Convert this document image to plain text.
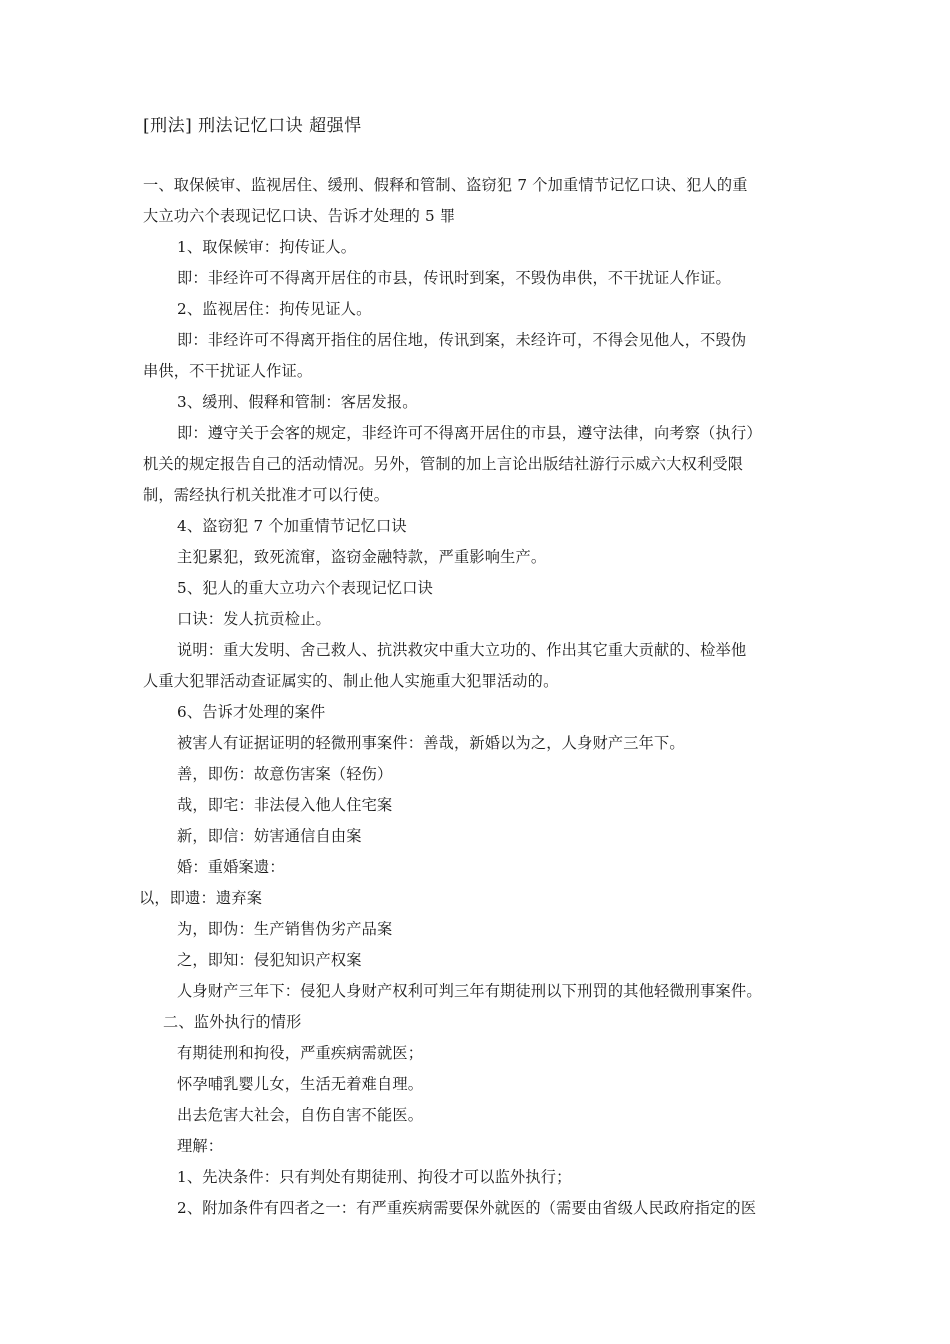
[刑法] 刑法记忆口诀 超强悍
一、取保候审、监视居住、缓刑、假释和管制、盗窃犯 7 个加重情节记忆口诀、犯人的重
大立功六个表现记忆口诀、告诉才处理的 5 罪
1、取保候审：拘传证人。
即：非经许可不得离开居住的市县，传讯时到案，不毁伪串供，不干扰证人作证。
2、监视居住：拘传见证人。
即：非经许可不得离开指住的居住地，传讯到案，未经许可，不得会见他人，不毁伪
串供，不干扰证人作证。
3、缓刑、假释和管制：客居发报。
即：遵守关于会客的规定，非经许可不得离开居住的市县，遵守法律，向考察（执行）
机关的规定报告自己的活动情况。另外，管制的加上言论出版结社游行示威六大权利受限
制，需经执行机关批准才可以行使。
4、盗窃犯 7 个加重情节记忆口诀
主犯累犯，致死流窜，盗窃金融特款，严重影响生产。
5、犯人的重大立功六个表现记忆口诀
口诀：发人抗贡检止。
说明：重大发明、舍己救人、抗洪救灾中重大立功的、作出其它重大贡献的、检举他
人重大犯罪活动查证属实的、制止他人实施重大犯罪活动的。
6、告诉才处理的案件
被害人有证据证明的轻微刑事案件：善哉，新婚以为之，人身财产三年下。
善，即伤：故意伤害案（轻伤）
哉，即宅：非法侵入他人住宅案
新，即信：妨害通信自由案
婚：重婚案遗：
以，即遗：遗弃案
为，即伪：生产销售伪劣产品案
之，即知：侵犯知识产权案
人身财产三年下：侵犯人身财产权利可判三年有期徒刑以下刑罚的其他轻微刑事案件。
二、监外执行的情形
有期徒刑和拘役，严重疾病需就医；
怀孕哺乳婴儿女，生活无着难自理。
出去危害大社会，自伤自害不能医。
理解：
1、先决条件：只有判处有期徒刑、拘役才可以监外执行；
2、附加条件有四者之一：有严重疾病需要保外就医的（需要由省级人民政府指定的医
